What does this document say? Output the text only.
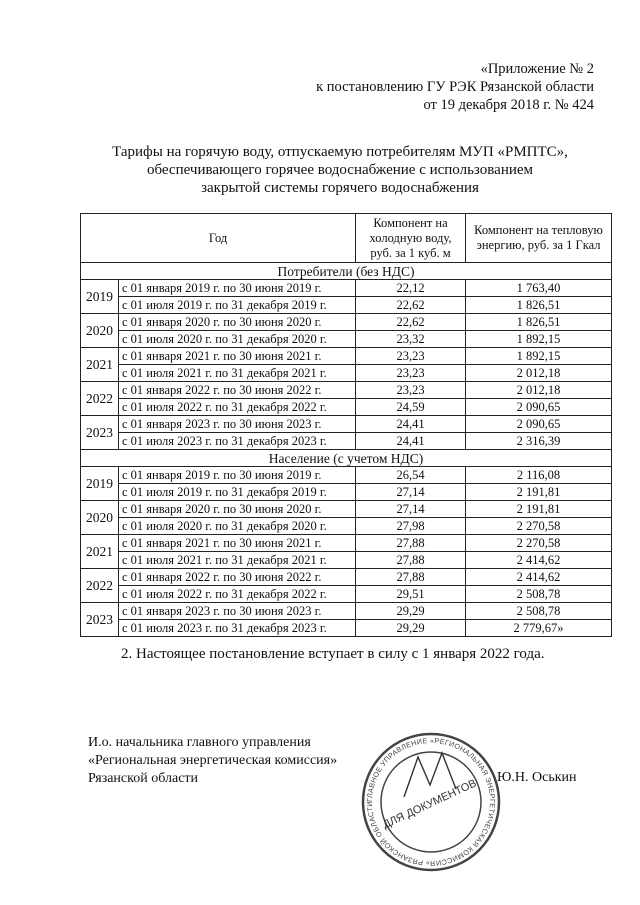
«Приложение № 2
к постановлению ГУ РЭК Рязанской области
от 19 декабря 2018 г. № 424
Тарифы на горячую воду, отпускаемую потребителям МУП «РМПТС»,
обеспечивающего горячее водоснабжение с использованием
закрытой системы горячего водоснабжения
Год		Компонент на холодную воду, руб. за 1 куб. м	Компонент на тепловую энергию, руб. за 1 Гкал
Потребители (без НДС)			
2019	с 01 января 2019 г. по 30 июня 2019 г.	22,12	1 763,40
	с 01 июля 2019 г. по 31 декабря 2019 г.	22,62	1 826,51
2020	с 01 января 2020 г. по 30 июня 2020 г.	22,62	1 826,51
	с 01 июля 2020 г. по 31 декабря 2020 г.	23,32	1 892,15
2021	с 01 января 2021 г. по 30 июня 2021 г.	23,23	1 892,15
	с 01 июля 2021 г. по 31 декабря 2021 г.	23,23	2 012,18
2022	с 01 января 2022 г. по 30 июня 2022 г.	23,23	2 012,18
	с 01 июля 2022 г. по 31 декабря 2022 г.	24,59	2 090,65
2023	с 01 января 2023 г. по 30 июня 2023 г.	24,41	2 090,65
	с 01 июля 2023 г. по 31 декабря 2023 г.	24,41	2 316,39
Население (с учетом НДС)			
2019	с 01 января 2019 г. по 30 июня 2019 г.	26,54	2 116,08
	с 01 июля 2019 г. по 31 декабря 2019 г.	27,14	2 191,81
2020	с 01 января 2020 г. по 30 июня 2020 г.	27,14	2 191,81
	с 01 июля 2020 г. по 31 декабря 2020 г.	27,98	2 270,58
2021	с 01 января 2021 г. по 30 июня 2021 г.	27,88	2 270,58
	с 01 июля 2021 г. по 31 декабря 2021 г.	27,88	2 414,62
2022	с 01 января 2022 г. по 30 июня 2022 г.	27,88	2 414,62
	с 01 июля 2022 г. по 31 декабря 2022 г.	29,51	2 508,78
2023	с 01 января 2023 г. по 30 июня 2023 г.	29,29	2 508,78
	с 01 июля 2023 г. по 31 декабря 2023 г.	29,29	2 779,67»
2. Настоящее постановление вступает в силу с 1 января 2022 года.
И.о. начальника главного управления
«Региональная энергетическая комиссия»
Рязанской области	Ю.Н. Оськин
ГЛАВНОЕ УПРАВЛЕНИЕ «РЕГИОНАЛЬНАЯ ЭНЕРГЕТИЧЕСКАЯ КОМИССИЯ» РЯЗАНСКОЙ ОБЛАСТИ ДЛЯ ДОКУМЕНТОВ
